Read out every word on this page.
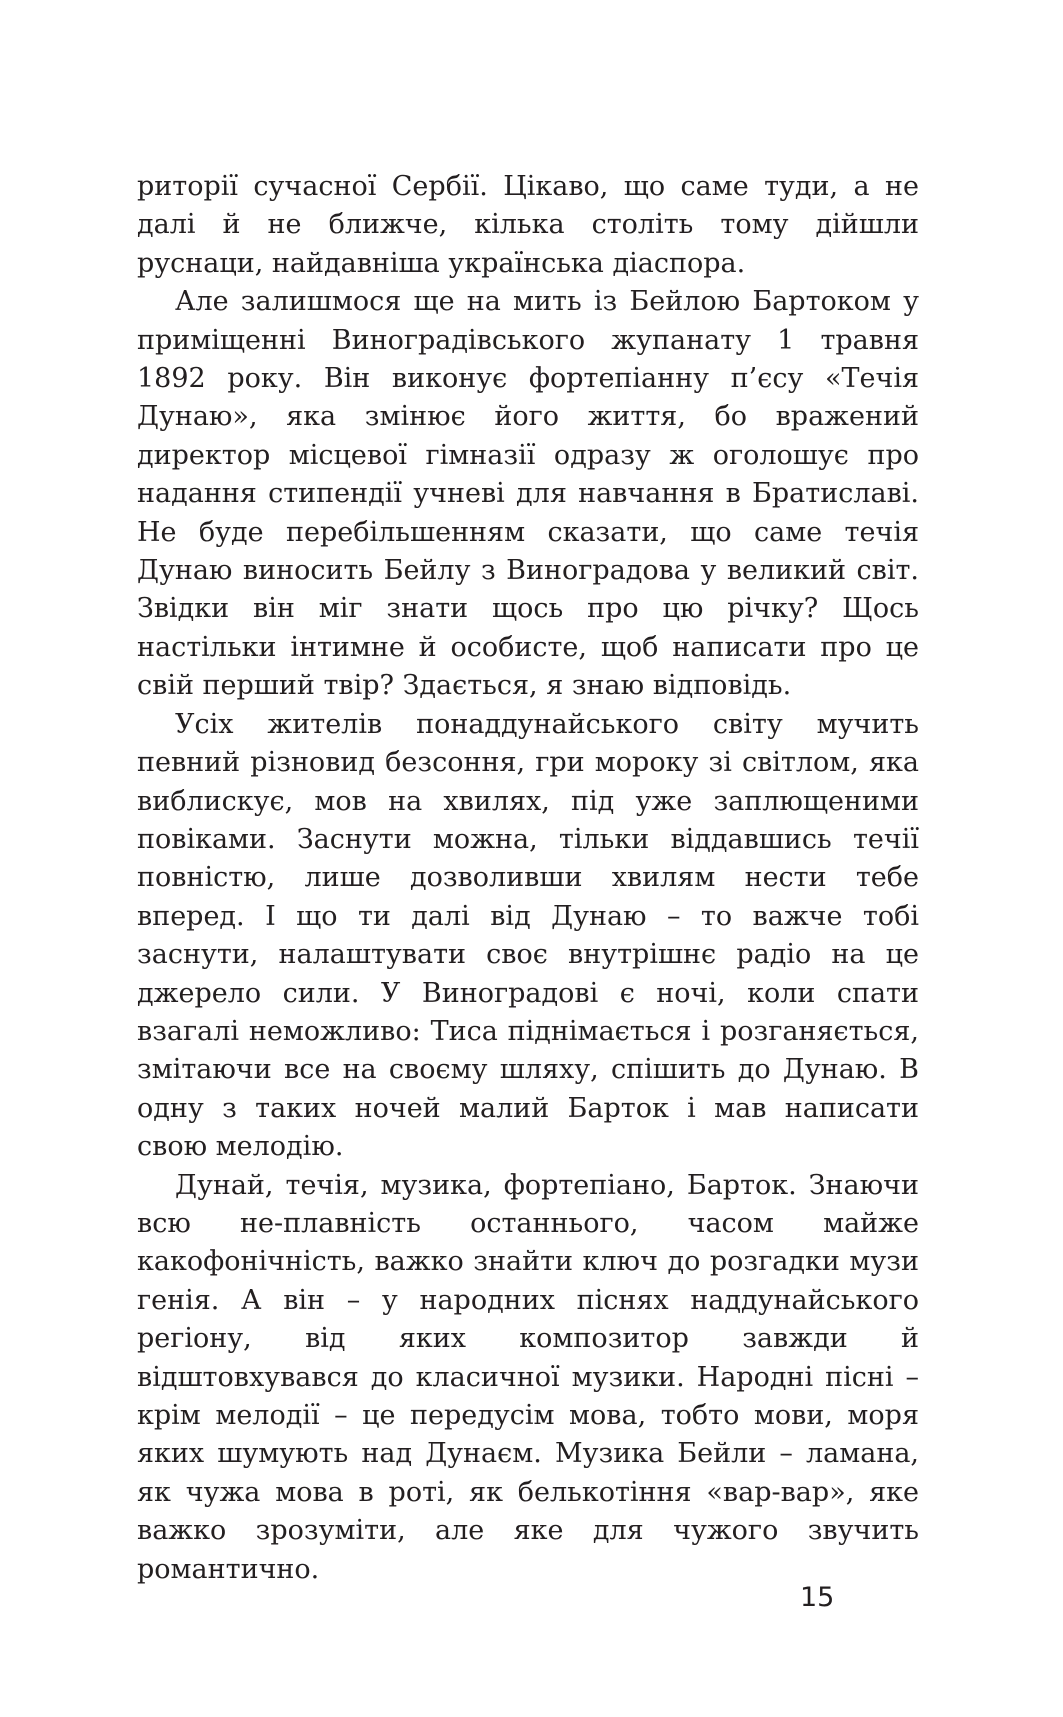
риторії сучасної Сербії. Цікаво, що саме туди, а не далі й не ближче, кілька століть тому дійшли руснаци, найдавніша українська діаспора.

Але залишмося ще на мить із Бейлою Бартоком у приміщенні Виноградівського жупанату 1 травня 1892 року. Він виконує фортепіанну п’єсу «Течія Дунаю», яка змінює його життя, бо вражений директор місцевої гімназії одразу ж оголошує про надання стипендії учневі для навчання в Братиславі. Не буде перебільшенням сказати, що саме течія Дунаю виносить Бейлу з Виноградова у великий світ. Звідки він міг знати щось про цю річку? Щось настільки інтимне й особисте, щоб написати про це свій перший твір? Здається, я знаю відповідь.

Усіх жителів понаддунайського світу мучить певний різновид безсоння, гри мороку зі світлом, яка виблискує, мов на хвилях, під уже заплющеними повіками. Заснути можна, тільки віддавшись течії повністю, лише дозволивши хвилям нести тебе вперед. І що ти далі від Дунаю – то важче тобі заснути, налаштувати своє внутрішнє радіо на це джерело сили. У Виноградові є ночі, коли спати взагалі неможливо: Тиса піднімається і розганяється, змітаючи все на своєму шляху, спішить до Дунаю. В одну з таких ночей малий Барток і мав написати свою мелодію.

Дунай, течія, музика, фортепіано, Барток. Знаючи всю не-плавність останнього, часом майже какофонічність, важко знайти ключ до розгадки музи генія. А він – у народних піснях наддунайського регіону, від яких композитор завжди й відштовхувався до класичної музики. Народні пісні – крім мелодії – це передусім мова, тобто мови, моря яких шумують над Дунаєм. Музика Бейли – ламана, як чужа мова в роті, як белькотіння «вар-вар», яке важко зрозуміти, але яке для чужого звучить романтично.

15
